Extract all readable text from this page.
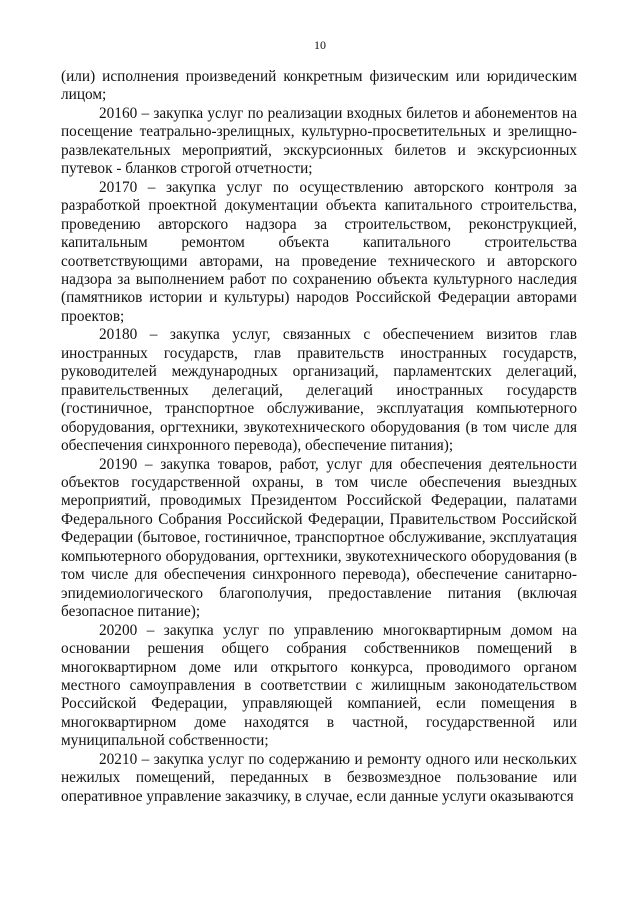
10

(или) исполнения произведений конкретным физическим или юридическим лицом;

20160 – закупка услуг по реализации входных билетов и абонементов на посещение театрально-зрелищных, культурно-просветительных и зрелищно-развлекательных мероприятий, экскурсионных билетов и экскурсионных путевок - бланков строгой отчетности;

20170 – закупка услуг по осуществлению авторского контроля за разработкой проектной документации объекта капитального строительства, проведению авторского надзора за строительством, реконструкцией, капитальным ремонтом объекта капитального строительства соответствующими авторами, на проведение технического и авторского надзора за выполнением работ по сохранению объекта культурного наследия (памятников истории и культуры) народов Российской Федерации авторами проектов;

20180 – закупка услуг, связанных с обеспечением визитов глав иностранных государств, глав правительств иностранных государств, руководителей международных организаций, парламентских делегаций, правительственных делегаций, делегаций иностранных государств (гостиничное, транспортное обслуживание, эксплуатация компьютерного оборудования, оргтехники, звукотехнического оборудования (в том числе для обеспечения синхронного перевода), обеспечение питания);

20190 – закупка товаров, работ, услуг для обеспечения деятельности объектов государственной охраны, в том числе обеспечения выездных мероприятий, проводимых Президентом Российской Федерации, палатами Федерального Собрания Российской Федерации, Правительством Российской Федерации (бытовое, гостиничное, транспортное обслуживание, эксплуатация компьютерного оборудования, оргтехники, звукотехнического оборудования (в том числе для обеспечения синхронного перевода), обеспечение санитарно-эпидемиологического благополучия, предоставление питания (включая безопасное питание);

20200 – закупка услуг по управлению многоквартирным домом на основании решения общего собрания собственников помещений в многоквартирном доме или открытого конкурса, проводимого органом местного самоуправления в соответствии с жилищным законодательством Российской Федерации, управляющей компанией, если помещения в многоквартирном доме находятся в частной, государственной или муниципальной собственности;

20210 – закупка услуг по содержанию и ремонту одного или нескольких нежилых помещений, переданных в безвозмездное пользование или оперативное управление заказчику, в случае, если данные услуги оказываются
